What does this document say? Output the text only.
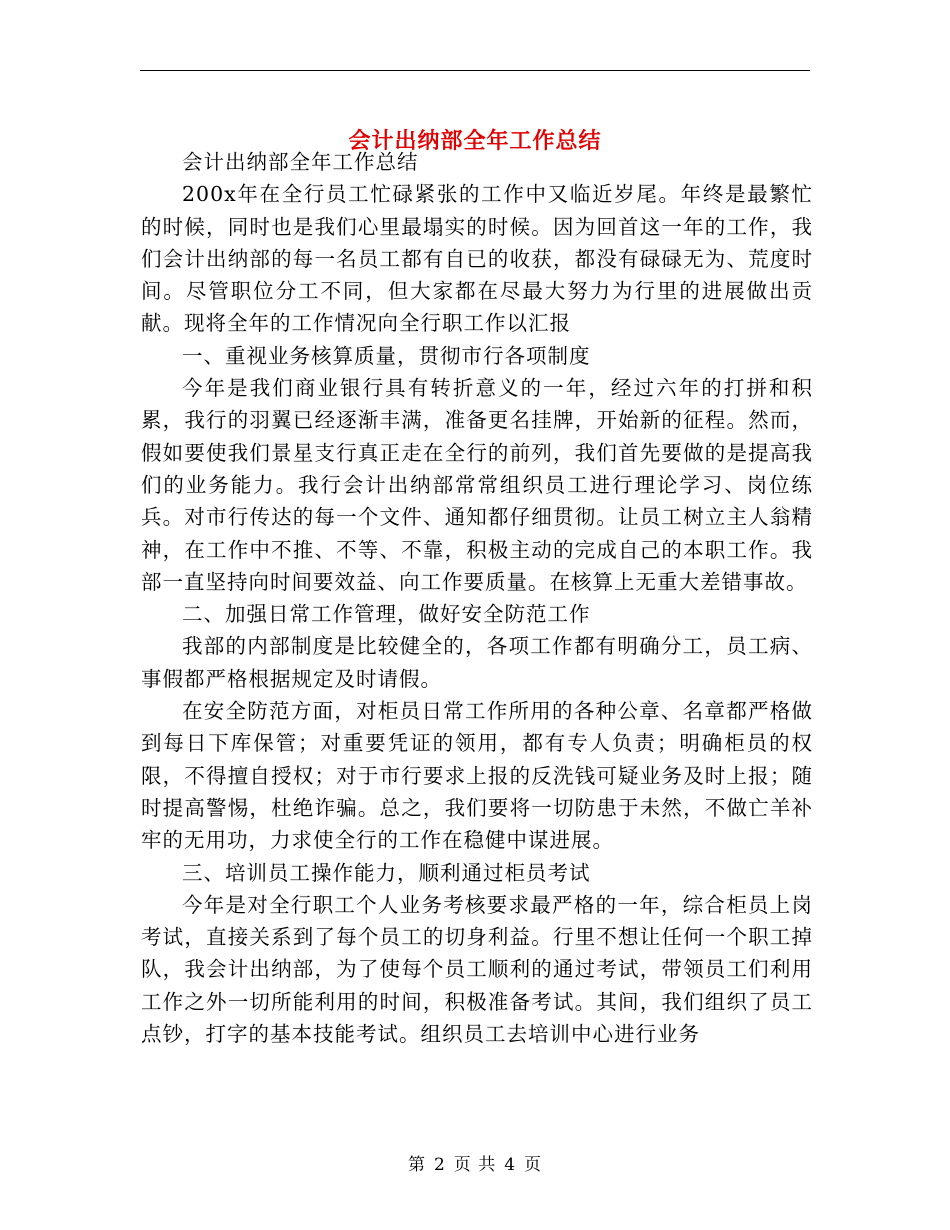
会计出纳部全年工作总结

会计出纳部全年工作总结

200x年在全行员工忙碌紧张的工作中又临近岁尾。年终是最繁忙的时候，同时也是我们心里最塌实的时候。因为回首这一年的工作，我们会计出纳部的每一名员工都有自已的收获，都没有碌碌无为、荒度时间。尽管职位分工不同，但大家都在尽最大努力为行里的进展做出贡献。现将全年的工作情况向全行职工作以汇报

一、重视业务核算质量，贯彻市行各项制度

今年是我们商业银行具有转折意义的一年，经过六年的打拼和积累，我行的羽翼已经逐渐丰满，准备更名挂牌，开始新的征程。然而，假如要使我们景星支行真正走在全行的前列，我们首先要做的是提高我们的业务能力。我行会计出纳部常常组织员工进行理论学习、岗位练兵。对市行传达的每一个文件、通知都仔细贯彻。让员工树立主人翁精神，在工作中不推、不等、不靠，积极主动的完成自己的本职工作。我部一直坚持向时间要效益、向工作要质量。在核算上无重大差错事故。

二、加强日常工作管理，做好安全防范工作

我部的内部制度是比较健全的，各项工作都有明确分工，员工病、事假都严格根据规定及时请假。

在安全防范方面，对柜员日常工作所用的各种公章、名章都严格做到每日下库保管；对重要凭证的领用，都有专人负责；明确柜员的权限，不得擅自授权；对于市行要求上报的反洗钱可疑业务及时上报；随时提高警惕，杜绝诈骗。总之，我们要将一切防患于未然，不做亡羊补牢的无用功，力求使全行的工作在稳健中谋进展。

三、培训员工操作能力，顺利通过柜员考试

今年是对全行职工个人业务考核要求最严格的一年，综合柜员上岗考试，直接关系到了每个员工的切身利益。行里不想让任何一个职工掉队，我会计出纳部，为了使每个员工顺利的通过考试，带领员工们利用工作之外一切所能利用的时间，积极准备考试。其间，我们组织了员工点钞，打字的基本技能考试。组织员工去培训中心进行业务

第 2 页 共 4 页
